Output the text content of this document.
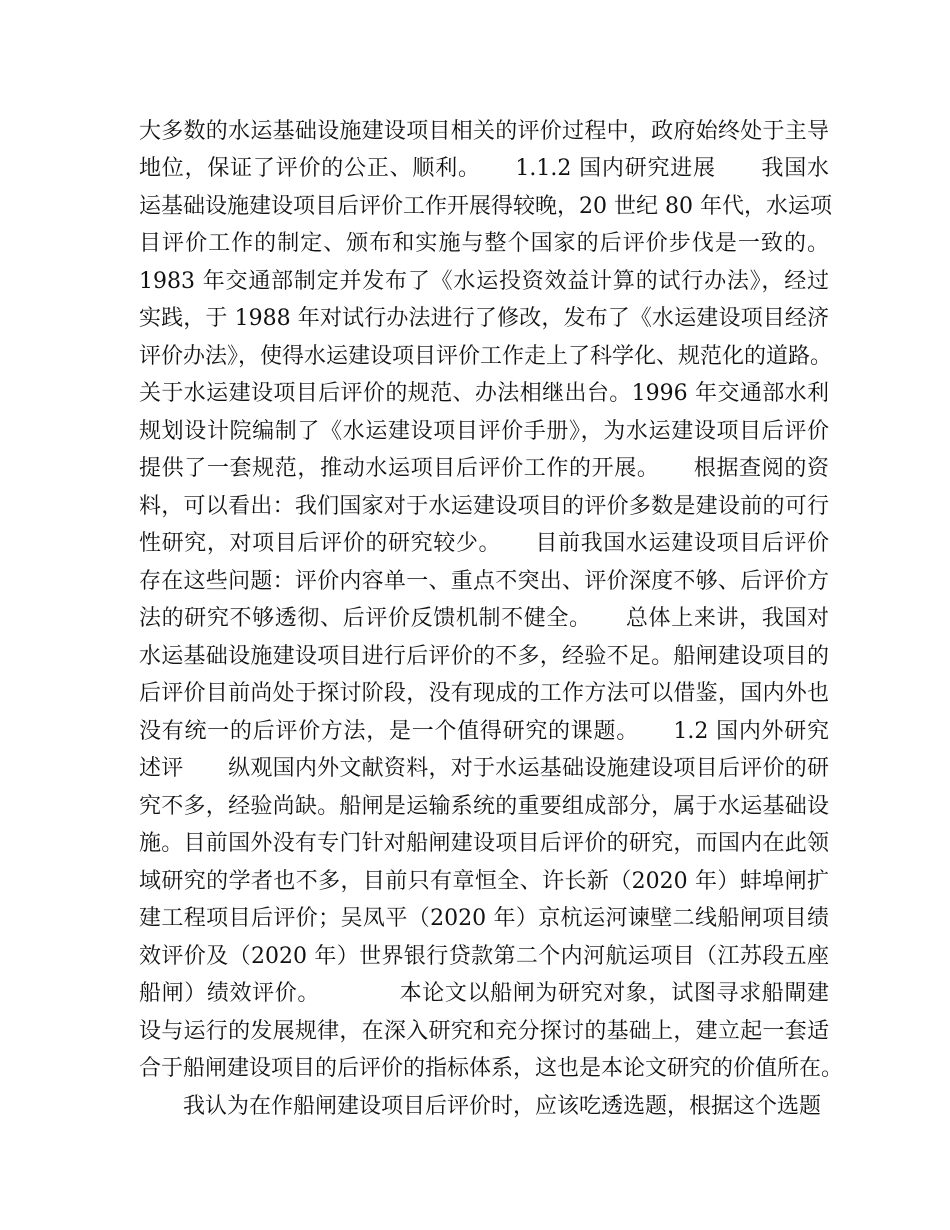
大多数的水运基础设施建设项目相关的评价过程中，政府始终处于主导
地位，保证了评价的公正、顺利。　　1.1.2 国内研究进展　　我国水
运基础设施建设项目后评价工作开展得较晚，20 世纪 80 年代，水运项
目评价工作的制定、颁布和实施与整个国家的后评价步伐是一致的。
1983 年交通部制定并发布了《水运投资效益计算的试行办法》，经过
实践，于 1988 年对试行办法进行了修改，发布了《水运建设项目经济
评价办法》，使得水运建设项目评价工作走上了科学化、规范化的道路。
关于水运建设项目后评价的规范、办法相继出台。1996 年交通部水利
规划设计院编制了《水运建设项目评价手册》，为水运建设项目后评价
提供了一套规范，推动水运项目后评价工作的开展。　　根据查阅的资
料，可以看出：我们国家对于水运建设项目的评价多数是建设前的可行
性研究，对项目后评价的研究较少。　　目前我国水运建设项目后评价
存在这些问题：评价内容单一、重点不突出、评价深度不够、后评价方
法的研究不够透彻、后评价反馈机制不健全。　　总体上来讲，我国对
水运基础设施建设项目进行后评价的不多，经验不足。船闸建设项目的
后评价目前尚处于探讨阶段，没有现成的工作方法可以借鉴，国内外也
没有统一的后评价方法，是一个值得研究的课题。　　1.2 国内外研究
述评　　纵观国内外文献资料，对于水运基础设施建设项目后评价的研
究不多，经验尚缺。船闸是运输系统的重要组成部分，属于水运基础设
施。目前国外没有专门针对船闸建设项目后评价的研究，而国内在此领
域研究的学者也不多，目前只有章恒全、许长新（2020 年）蚌埠闸扩
建工程项目后评价；吴凤平（2020 年）京杭运河谏壁二线船闸项目绩
效评价及（2020 年）世界银行贷款第二个内河航运项目（江苏段五座
船闸）绩效评价。　　　　本论文以船闸为研究对象，试图寻求船閘建
设与运行的发展规律，在深入研究和充分探讨的基础上，建立起一套适
合于船闸建设项目的后评价的指标体系，这也是本论文研究的价值所在。
我认为在作船闸建设项目后评价时，应该吃透选题，根据这个选题
